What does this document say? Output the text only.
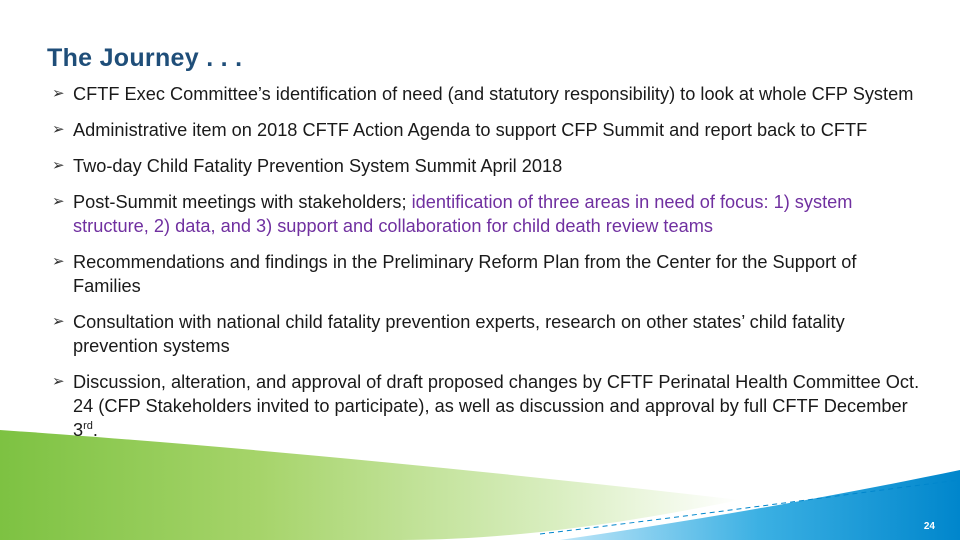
The Journey . . .
➢ CFTF Exec Committee’s identification of need (and statutory responsibility) to look at whole CFP System
➢ Administrative item on 2018 CFTF Action Agenda to support CFP Summit and report back to CFTF
➢ Two-day Child Fatality Prevention System Summit April 2018
➢ Post-Summit meetings with stakeholders; identification of three areas in need of focus: 1) system structure, 2) data, and 3) support and collaboration for child death review teams
➢ Recommendations and findings in the Preliminary Reform Plan from the Center for the Support of Families
➢ Consultation with national child fatality prevention experts, research on other states’ child fatality prevention systems
➢ Discussion, alteration, and approval of draft proposed changes by CFTF Perinatal Health Committee Oct. 24 (CFP Stakeholders invited to participate), as well as discussion and approval by full CFTF December 3rd.
24
